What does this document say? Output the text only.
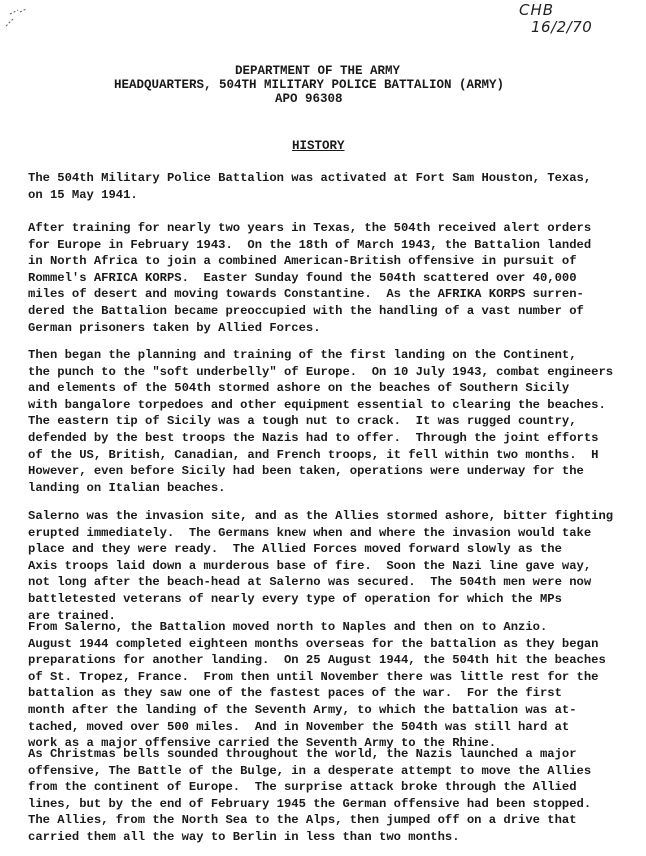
CHB
16/2/70
DEPARTMENT OF THE ARMY
HEADQUARTERS, 504TH MILITARY POLICE BATTALION (ARMY)
APO 96308
HISTORY
The 504th Military Police Battalion was activated at Fort Sam Houston, Texas,
on 15 May 1941.
After training for nearly two years in Texas, the 504th received alert orders
for Europe in February 1943.  On the 18th of March 1943, the Battalion landed
in North Africa to join a combined American-British offensive in pursuit of
Rommel's AFRICA KORPS.  Easter Sunday found the 504th scattered over 40,000
miles of desert and moving towards Constantine.  As the AFRIKA KORPS surren-
dered the Battalion became preoccupied with the handling of a vast number of
German prisoners taken by Allied Forces.
Then began the planning and training of the first landing on the Continent,
the punch to the "soft underbelly" of Europe.  On 10 July 1943, combat engineers
and elements of the 504th stormed ashore on the beaches of Southern Sicily
with bangalore torpedoes and other equipment essential to clearing the beaches.
The eastern tip of Sicily was a tough nut to crack.  It was rugged country,
defended by the best troops the Nazis had to offer.  Through the joint efforts
of the US, British, Canadian, and French troops, it fell within two months.  H
However, even before Sicily had been taken, operations were underway for the
landing on Italian beaches.
Salerno was the invasion site, and as the Allies stormed ashore, bitter fighting
erupted immediately.  The Germans knew when and where the invasion would take
place and they were ready.  The Allied Forces moved forward slowly as the
Axis troops laid down a murderous base of fire.  Soon the Nazi line gave way,
not long after the beach-head at Salerno was secured.  The 504th men were now
battletested veterans of nearly every type of operation for which the MPs
are trained.
From Salerno, the Battalion moved north to Naples and then on to Anzio.
August 1944 completed eighteen months overseas for the battalion as they began
preparations for another landing.  On 25 August 1944, the 504th hit the beaches
of St. Tropez, France.  From then until November there was little rest for the
battalion as they saw one of the fastest paces of the war.  For the first
month after the landing of the Seventh Army, to which the battalion was at-
tached, moved over 500 miles.  And in November the 504th was still hard at
work as a major offensive carried the Seventh Army to the Rhine.
As Christmas bells sounded throughout the world, the Nazis launched a major
offensive, The Battle of the Bulge, in a desperate attempt to move the Allies
from the continent of Europe.  The surprise attack broke through the Allied
lines, but by the end of February 1945 the German offensive had been stopped.
The Allies, from the North Sea to the Alps, then jumped off on a drive that
carried them all the way to Berlin in less than two months.
